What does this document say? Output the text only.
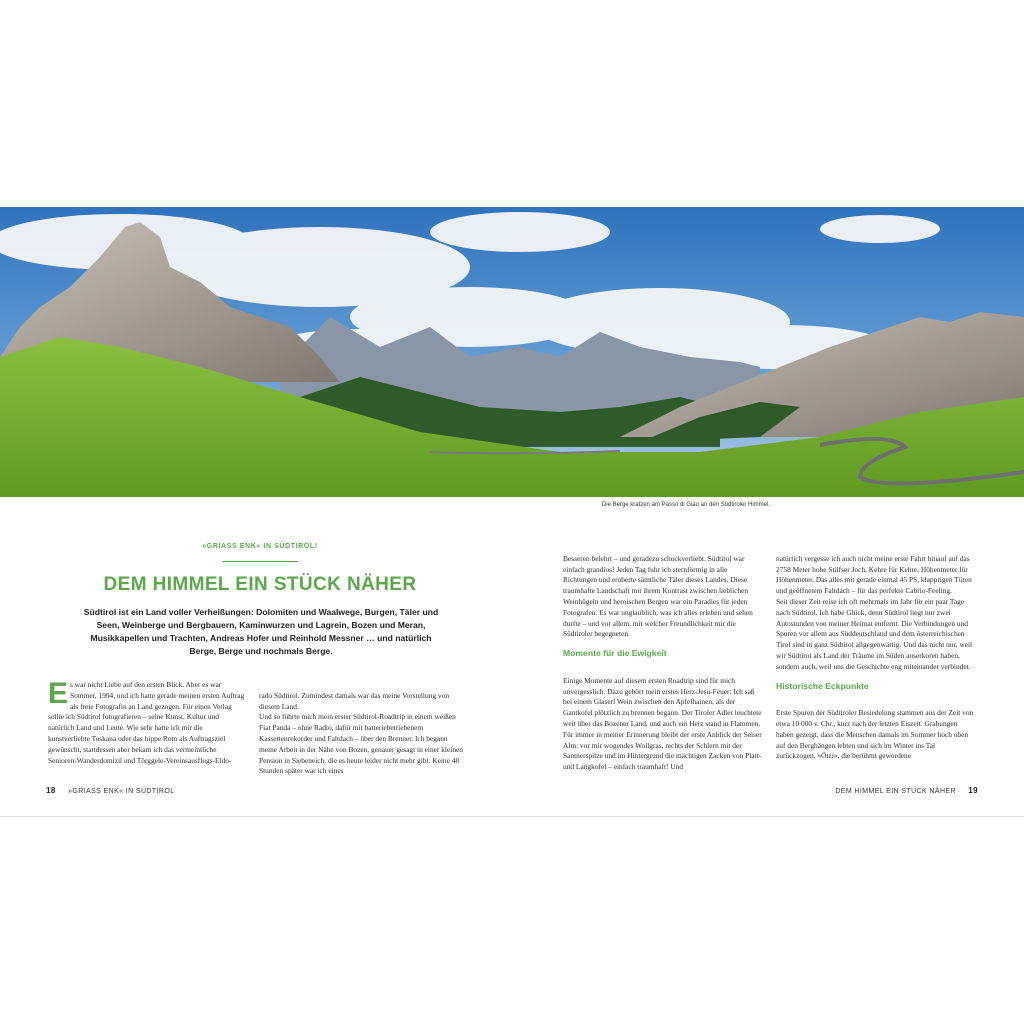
Die Berge kratzen am Passo di Giau an den Südtiroler Himmel.
»GRIASS ENK« IN SÜDTIROL!
DEM HIMMEL EIN STÜCK NÄHER
Südtirol ist ein Land voller Verheißungen: Dolomiten und Waalwege, Burgen, Täler und Seen, Weinberge und Bergbauern, Kaminwurzen und Lagrein, Bozen und Meran, Musikkapellen und Trachten, Andreas Hofer und Reinhold Messner … und natürlich Berge, Berge und nochmals Berge.
E s war nicht Liebe auf den ersten Blick. Aber es war Sommer, 1994, und ich hatte gerade meinen ersten Auftrag als freie Fotografin an Land gezogen. Für einen Verlag sollte ich Südtirol fotografieren – seine Kunst, Kultur und natürlich Land und Leute. Wie sehr hatte ich mir die kunstverliebte Toskana oder das hippe Rom als Auftragsziel gewünscht, stattdessen aber bekam ich das vermeintliche Senioren-Wanderdomizil und Törggele-Vereinsausflugs-Eldo-

rado Südtirol. Zumindest damals war das meine Vorstellung von diesem Land.
Und so führte mich mein erster Südtirol-Roadtrip in einem weißen Fiat Panda – ohne Radio, dafür mit batteriebetriebenem Kassettenrekorder und Faltdach – über den Brenner. Ich begann meine Arbeit in der Nähe von Bozen, genauer gesagt in einer kleinen Pension in Siebeneich, die es heute leider nicht mehr gibt. Keine 48 Stunden später war ich eines

Besseren belehrt – und geradezu schockverliebt. Südtirol war einfach grandios! Jeden Tag fuhr ich sternförmig in alle Richtungen und eroberte sämtliche Täler dieses Landes. Diese traumhafte Landschaft mit ihrem Kontrast zwischen lieblichen Weinhügeln und heroischen Bergen war ein Paradies für jeden Fotografen. Es war unglaublich, was ich alles erleben und sehen durfte – und vor allem, mit welcher Freundlichkeit mir die Südtiroler begegneten.

Momente für die Ewigkeit

Einige Momente auf diesem ersten Roadtrip sind für mich unvergesslich. Dazu gehört mein erstes Herz-Jesu-Feuer: Ich saß bei einem Glaserl Wein zwischen den Apfelhainen, als der Gantkofel plötzlich zu brennen begann. Der Tiroler Adler leuchtete weit über das Bozener Land, und auch ein Herz stand in Flammen.
Für immer in meiner Erinnerung bleibt der erste Anblick der Seiser Alm: vor mir wogendes Wollgras, rechts der Schlern mit der Santnerspitze und im Hintergrund die mächtigen Zacken von Platt- und Langkofel – einfach traumhaft! Und

natürlich vergesse ich auch nicht meine erste Fahrt hinauf auf das 2758 Meter hohe Stilfser Joch, Kehre für Kehre, Höhenmeter für Höhenmeter. Das alles mit gerade einmal 45 PS, klapprigen Türen und geöffnetem Faltdach – für das perfekte Cabrio-Feeling.
Seit dieser Zeit reise ich oft mehrmals im Jahr für ein paar Tage nach Südtirol. Ich habe Glück, denn Südtirol liegt nur zwei Autostunden von meiner Heimat entfernt. Die Verbindungen und Spuren vor allem aus Süddeutschland und dem österreichischen Tirol sind in ganz Südtirol allgegenwärtig. Und das nicht nur, weil wir Südtirol als Land der Träume im Süden auserkoren haben, sondern auch, weil uns die Geschichte eng miteinander verbindet.

Historische Eckpunkte

Erste Spuren der Südtiroler Besiedelung stammen aus der Zeit von etwa 10 000 v. Chr., kurz nach der letzten Eiszeit. Grabungen haben gezeigt, dass die Menschen damals im Sommer hoch oben auf den Berghängen lebten und sich im Winter ins Tal zurückzogen. »Ötzi«, die berühmt gewordene

18 »GRIASS ENK« IN SÜDTIROL	DEM HIMMEL EIN STÜCK NÄHER 19
